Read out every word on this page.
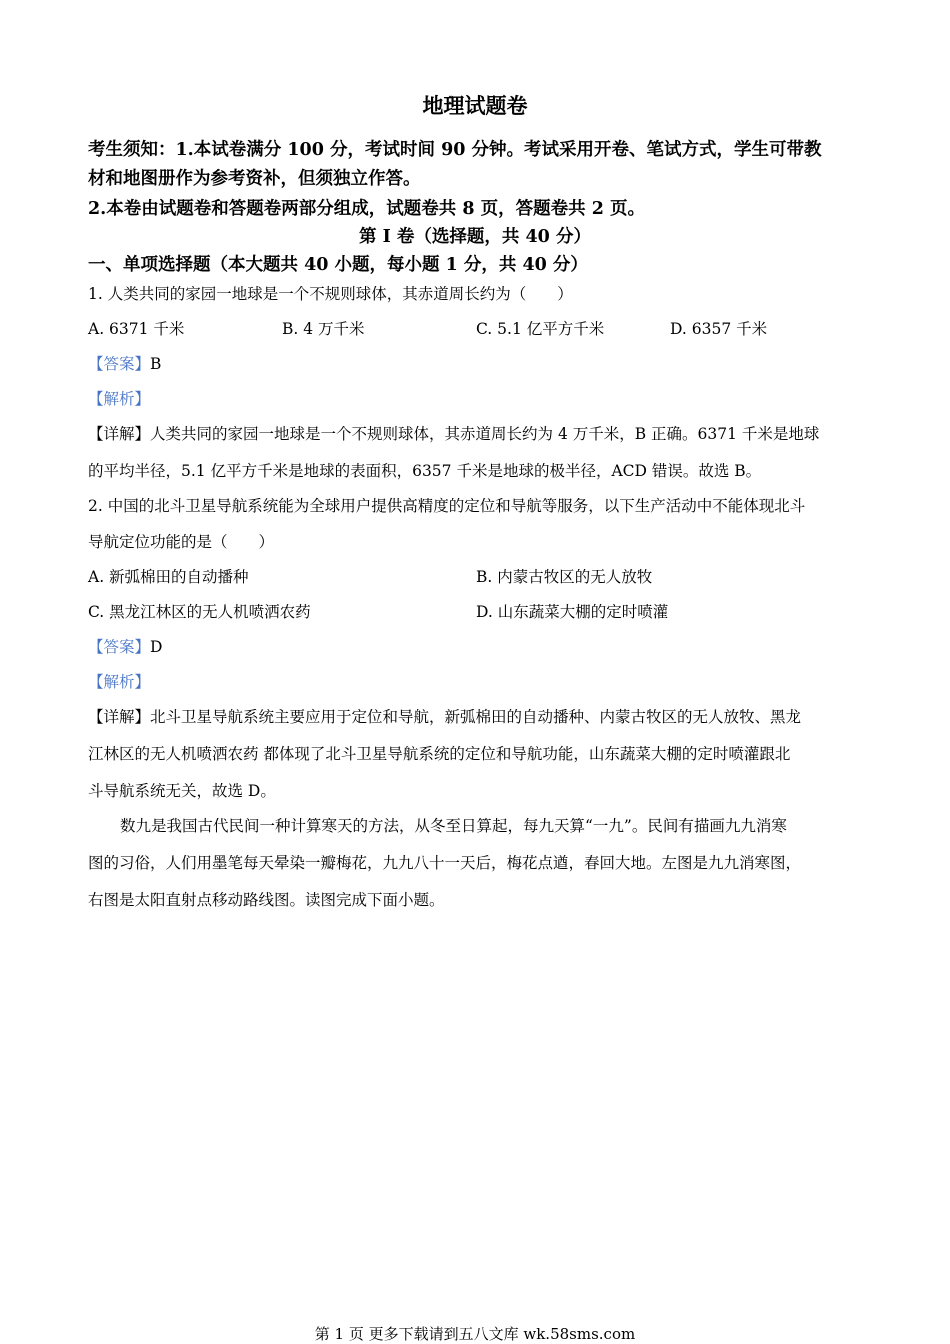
地理试题卷
考生须知：1.本试卷满分 100 分，考试时间 90 分钟。考试采用开卷、笔试方式，学生可带教
材和地图册作为参考资补，但须独立作答。
2.本卷由试题卷和答题卷两部分组成，试题卷共 8 页，答题卷共 2 页。
第 I 卷（选择题，共 40 分）
一、单项选择题（本大题共 40 小题，每小题 1 分，共 40 分）
1. 人类共同的家园一地球是一个不规则球体，其赤道周长约为（　　）
A. 6371 千米	B. 4 万千米	C. 5.1 亿平方千米	D. 6357 千米
【答案】B
【解析】
【详解】人类共同的家园一地球是一个不规则球体，其赤道周长约为 4 万千米，B 正确。6371 千米是地球
的平均半径，5.1 亿平方千米是地球的表面积，6357 千米是地球的极半径，ACD 错误。故选 B。
2. 中国的北斗卫星导航系统能为全球用户提供高精度的定位和导航等服务，以下生产活动中不能体现北斗
导航定位功能的是（　　）
A. 新弧棉田的自动播种	B. 内蒙古牧区的无人放牧
C. 黑龙江林区的无人机喷洒农药	D. 山东蔬菜大棚的定时喷灌
【答案】D
【解析】
【详解】北斗卫星导航系统主要应用于定位和导航，新弧棉田的自动播种、内蒙古牧区的无人放牧、黑龙
江林区的无人机喷洒农药 都体现了北斗卫星导航系统的定位和导航功能，山东蔬菜大棚的定时喷灌跟北
斗导航系统无关，故选 D。
数九是我国古代民间一种计算寒天的方法，从冬至日算起，每九天算“一九”。民间有描画九九消寒
图的习俗，人们用墨笔每天晕染一瓣梅花，九九八十一天后，梅花点遒，春回大地。左图是九九消寒图，
右图是太阳直射点移动路线图。读图完成下面小题。
第 1 页 更多下载请到五八文库 wk.58sms.com
